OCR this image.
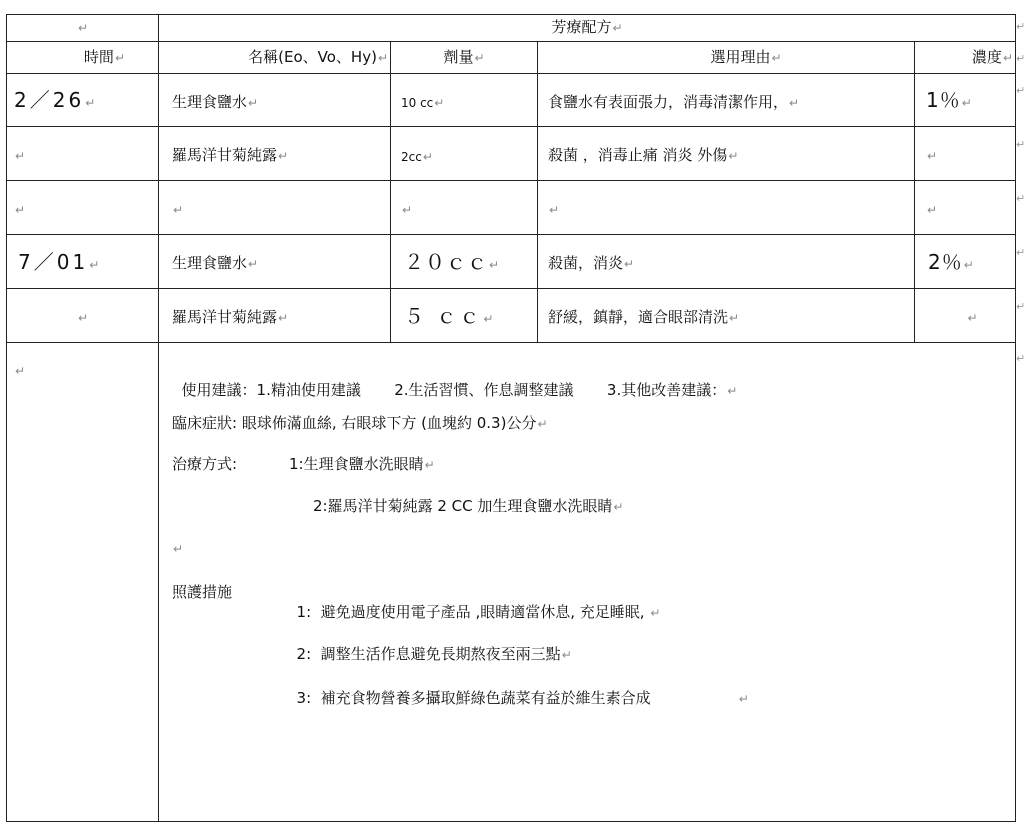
↵	芳療配方↵
時間↵	名稱(Eo、Vo、Hy)↵	劑量↵	選用理由↵	濃度↵
2／26↵	生理食鹽水↵	10 cc↵	食鹽水有表面張力，消毒清潔作用，↵	1％↵
↵	羅馬洋甘菊純露↵	2cc↵	殺菌 ，消毒止痛 消炎 外傷↵	↵
↵	↵	↵	↵	↵
7／01↵	生理食鹽水↵	２０ｃｃ↵	殺菌，消炎↵	2％↵
↵	羅馬洋甘菊純露↵	５ ｃｃ↵	舒緩，鎮靜，適合眼部清洗↵	↵
↵

使用建議：1.精油使用建議       2.生活習慣、作息調整建議       3.其他改善建議：↵

臨床症狀: 眼球佈滿血絲, 右眼球下方 (血塊約 0.3)公分↵
治療方式:	1:生理食鹽水洗眼睛↵
2:羅馬洋甘菊純露 2 CC 加生理食鹽水洗眼睛↵
↵
照護措施

1:  避免過度使用電子產品 ,眼睛適當休息, 充足睡眠, ↵

2:  調整生活作息避免長期熬夜至兩三點↵

3:  補充食物營養多攝取鮮綠色蔬菜有益於維生素合成	↵

↵
↵
↵
↵
↵
↵
↵
↵
